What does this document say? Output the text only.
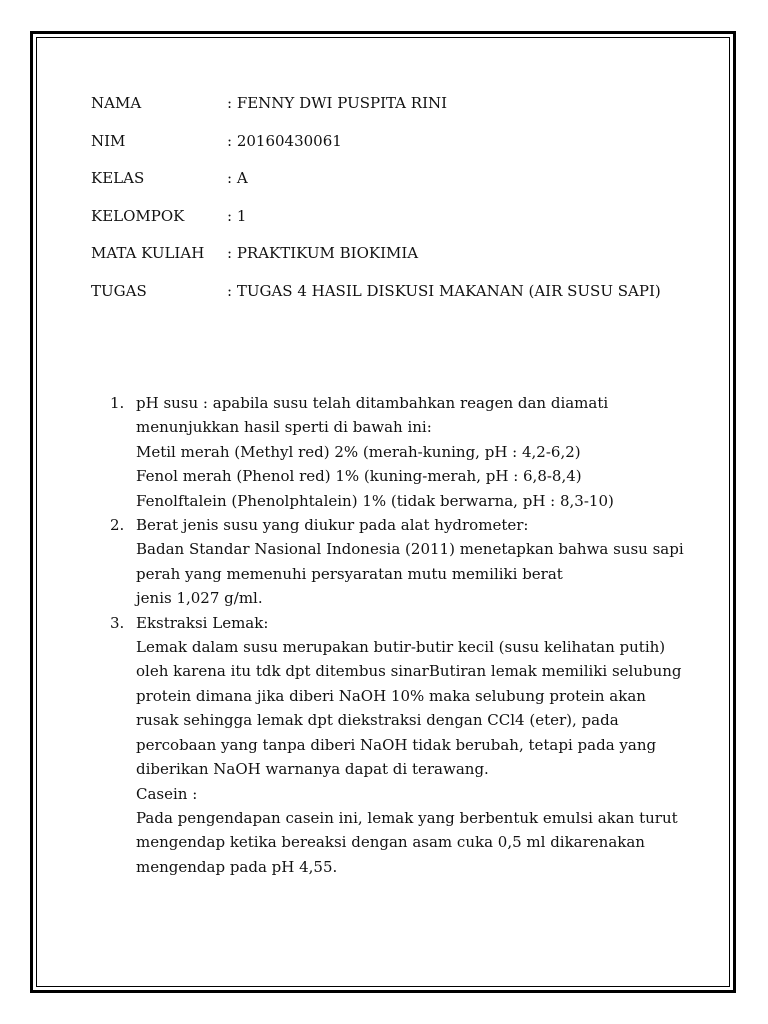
NAMA	: FENNY DWI PUSPITA RINI
NIM	: 20160430061
KELAS	: A
KELOMPOK	: 1
MATA KULIAH : PRAKTIKUM BIOKIMIA
TUGAS	: TUGAS 4 HASIL DISKUSI MAKANAN (AIR SUSU SAPI)
1. pH susu : apabila susu telah ditambahkan reagen dan diamati
menunjukkan hasil sperti di bawah ini:
Metil merah (Methyl red) 2% (merah-kuning, pH : 4,2-6,2)
Fenol merah (Phenol red) 1% (kuning-merah, pH : 6,8-8,4)
Fenolftalein (Phenolphtalein) 1% (tidak berwarna, pH : 8,3-10)
2. Berat jenis susu yang diukur pada alat hydrometer:
Badan Standar Nasional Indonesia (2011) menetapkan bahwa susu sapi
perah yang memenuhi persyaratan mutu memiliki berat
jenis 1,027 g/ml.
3. Ekstraksi Lemak:
Lemak dalam susu merupakan butir-butir kecil (susu kelihatan putih)
oleh karena itu tdk dpt ditembus sinarButiran lemak memiliki selubung
protein dimana jika diberi NaOH 10% maka selubung protein akan
rusak sehingga lemak dpt diekstraksi dengan CCl4 (eter), pada
percobaan yang tanpa diberi NaOH tidak berubah, tetapi pada yang
diberikan NaOH warnanya dapat di terawang.
Casein :
Pada pengendapan casein ini, lemak yang berbentuk emulsi akan turut
mengendap ketika bereaksi dengan asam cuka 0,5 ml dikarenakan
mengendap pada pH 4,55.
